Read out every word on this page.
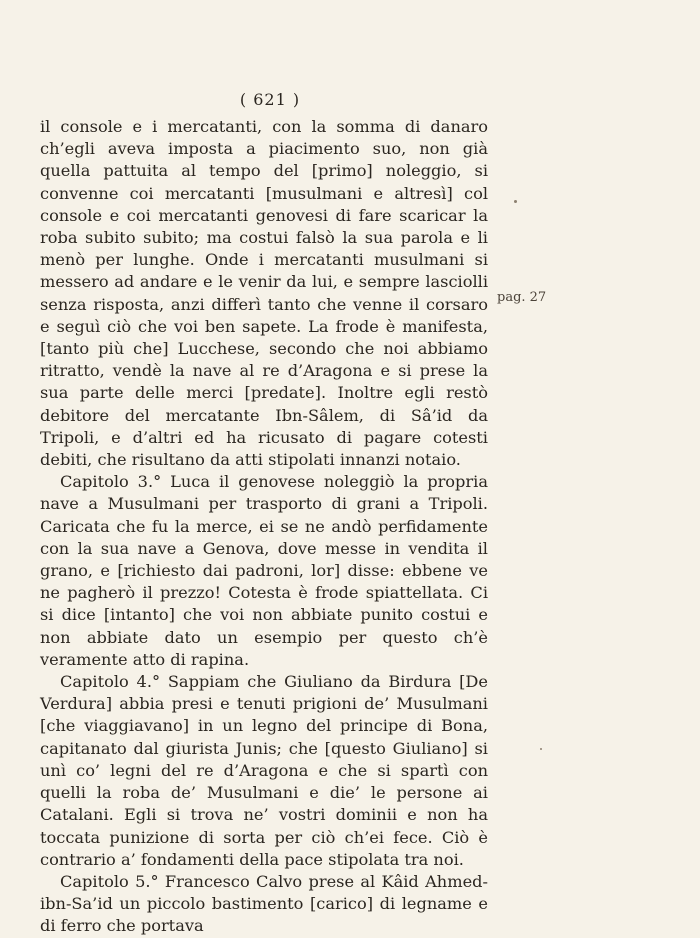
( 621 )

il console e i mercatanti, con la somma di danaro ch’egli aveva imposta a piacimento suo, non già quella pattuita al tempo del [primo] noleggio, si convenne coi mercatanti [musulmani e altresì] col console e coi mercatanti genovesi di fare scaricar la roba subito subito; ma costui falsò la sua parola e li menò per lunghe. Onde i mercatanti musulmani si messero ad andare e le venir da lui, e sempre lasciolli senza risposta, anzi differì tanto che venne il corsaro e seguì ciò che voi ben sapete. La frode è manifesta, [tanto più che] Lucchese, secondo che noi abbiamo ritratto, vendè la nave al re d’Aragona e si prese la sua parte delle merci [predate]. Inoltre egli restò debitore del mercatante Ibn-Sâlem, di Sâ’id da Tripoli, e d’altri ed ha ricusato di pagare cotesti debiti, che risultano da atti stipolati innanzi notaio.

Capitolo 3.° Luca il genovese noleggiò la propria nave a Musulmani per trasporto di grani a Tripoli. Caricata che fu la merce, ei se ne andò perfidamente con la sua nave a Genova, dove messe in vendita il grano, e [richiesto dai padroni, lor] disse: ebbene ve ne pagherò il prezzo! Cotesta è frode spiattellata. Ci si dice [intanto] che voi non abbiate punito costui e non abbiate dato un esempio per questo ch’è veramente atto di rapina.

Capitolo 4.° Sappiam che Giuliano da Birdura [De Verdura] abbia presi e tenuti prigioni de’ Musulmani [che viaggiavano] in un legno del principe di Bona, capitanato dal giurista Junis; che [questo Giuliano] si unì co’ legni del re d’Aragona e che si spartì con quelli la roba de’ Musulmani e die’ le persone ai Catalani. Egli si trova ne’ vostri dominii e non ha toccata punizione di sorta per ciò ch’ei fece. Ciò è contrario a’ fondamenti della pace stipolata tra noi.

Capitolo 5.° Francesco Calvo prese al Kâid Ahmed-ibn-Sa’id un piccolo bastimento [carico] di legname e di ferro che portava

pag. 27
